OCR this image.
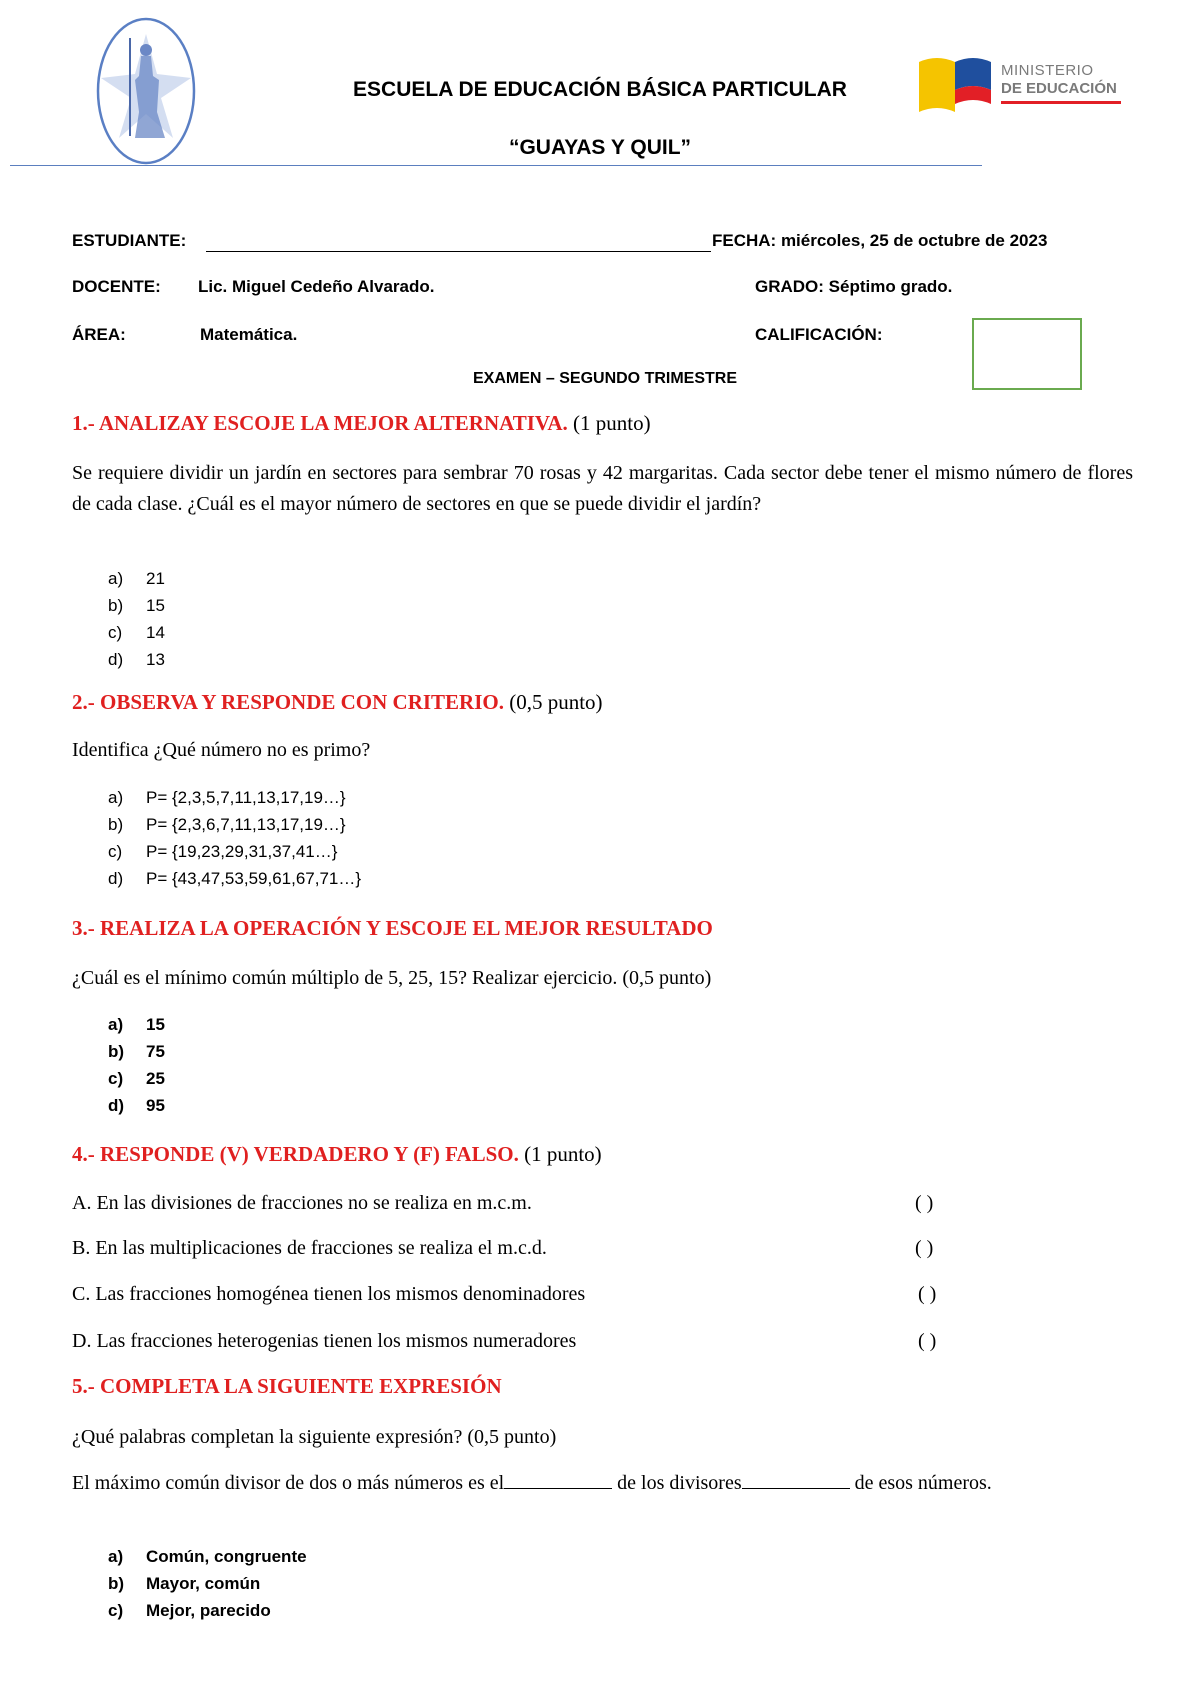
ESCUELA DE EDUCACIÓN BÁSICA PARTICULAR
“GUAYAS Y QUIL”
MINISTERIO
DE EDUCACIÓN
ESTUDIANTE:	FECHA: miércoles, 25 de octubre de 2023
DOCENTE: Lic. Miguel Cedeño Alvarado.	GRADO: Séptimo grado.
ÁREA:	Matemática.	CALIFICACIÓN:
EXAMEN – SEGUNDO TRIMESTRE
1.- ANALIZAY ESCOJE LA MEJOR ALTERNATIVA. (1 punto)
Se requiere dividir un jardín en sectores para sembrar 70 rosas y 42 margaritas. Cada sector debe tener el mismo número de flores de cada clase. ¿Cuál es el mayor número de sectores en que se puede dividir el jardín?
a) 21
b) 15
c) 14
d) 13
2.- OBSERVA Y RESPONDE CON CRITERIO. (0,5 punto)
Identifica ¿Qué número no es primo?
a) P= {2,3,5,7,11,13,17,19…}
b) P= {2,3,6,7,11,13,17,19…}
c) P= {19,23,29,31,37,41…}
d) P= {43,47,53,59,61,67,71…}
3.- REALIZA LA OPERACIÓN Y ESCOJE EL MEJOR RESULTADO
¿Cuál es el mínimo común múltiplo de 5, 25, 15? Realizar ejercicio. (0,5 punto)
a) 15
b) 75
c) 25
d) 95
4.- RESPONDE (V) VERDADERO Y (F) FALSO. (1 punto)
A. En las divisiones de fracciones no se realiza en m.c.m.	( )
B. En las multiplicaciones de fracciones se realiza el m.c.d.	( )
C. Las fracciones homogénea tienen los mismos denominadores	( )
D. Las fracciones heterogenias tienen los mismos numeradores	( )
5.- COMPLETA LA SIGUIENTE EXPRESIÓN
¿Qué palabras completan la siguiente expresión? (0,5 punto)
El máximo común divisor de dos o más números es el	de los divisores	de esos números.
a) Común, congruente
b) Mayor, común
c) Mejor, parecido
